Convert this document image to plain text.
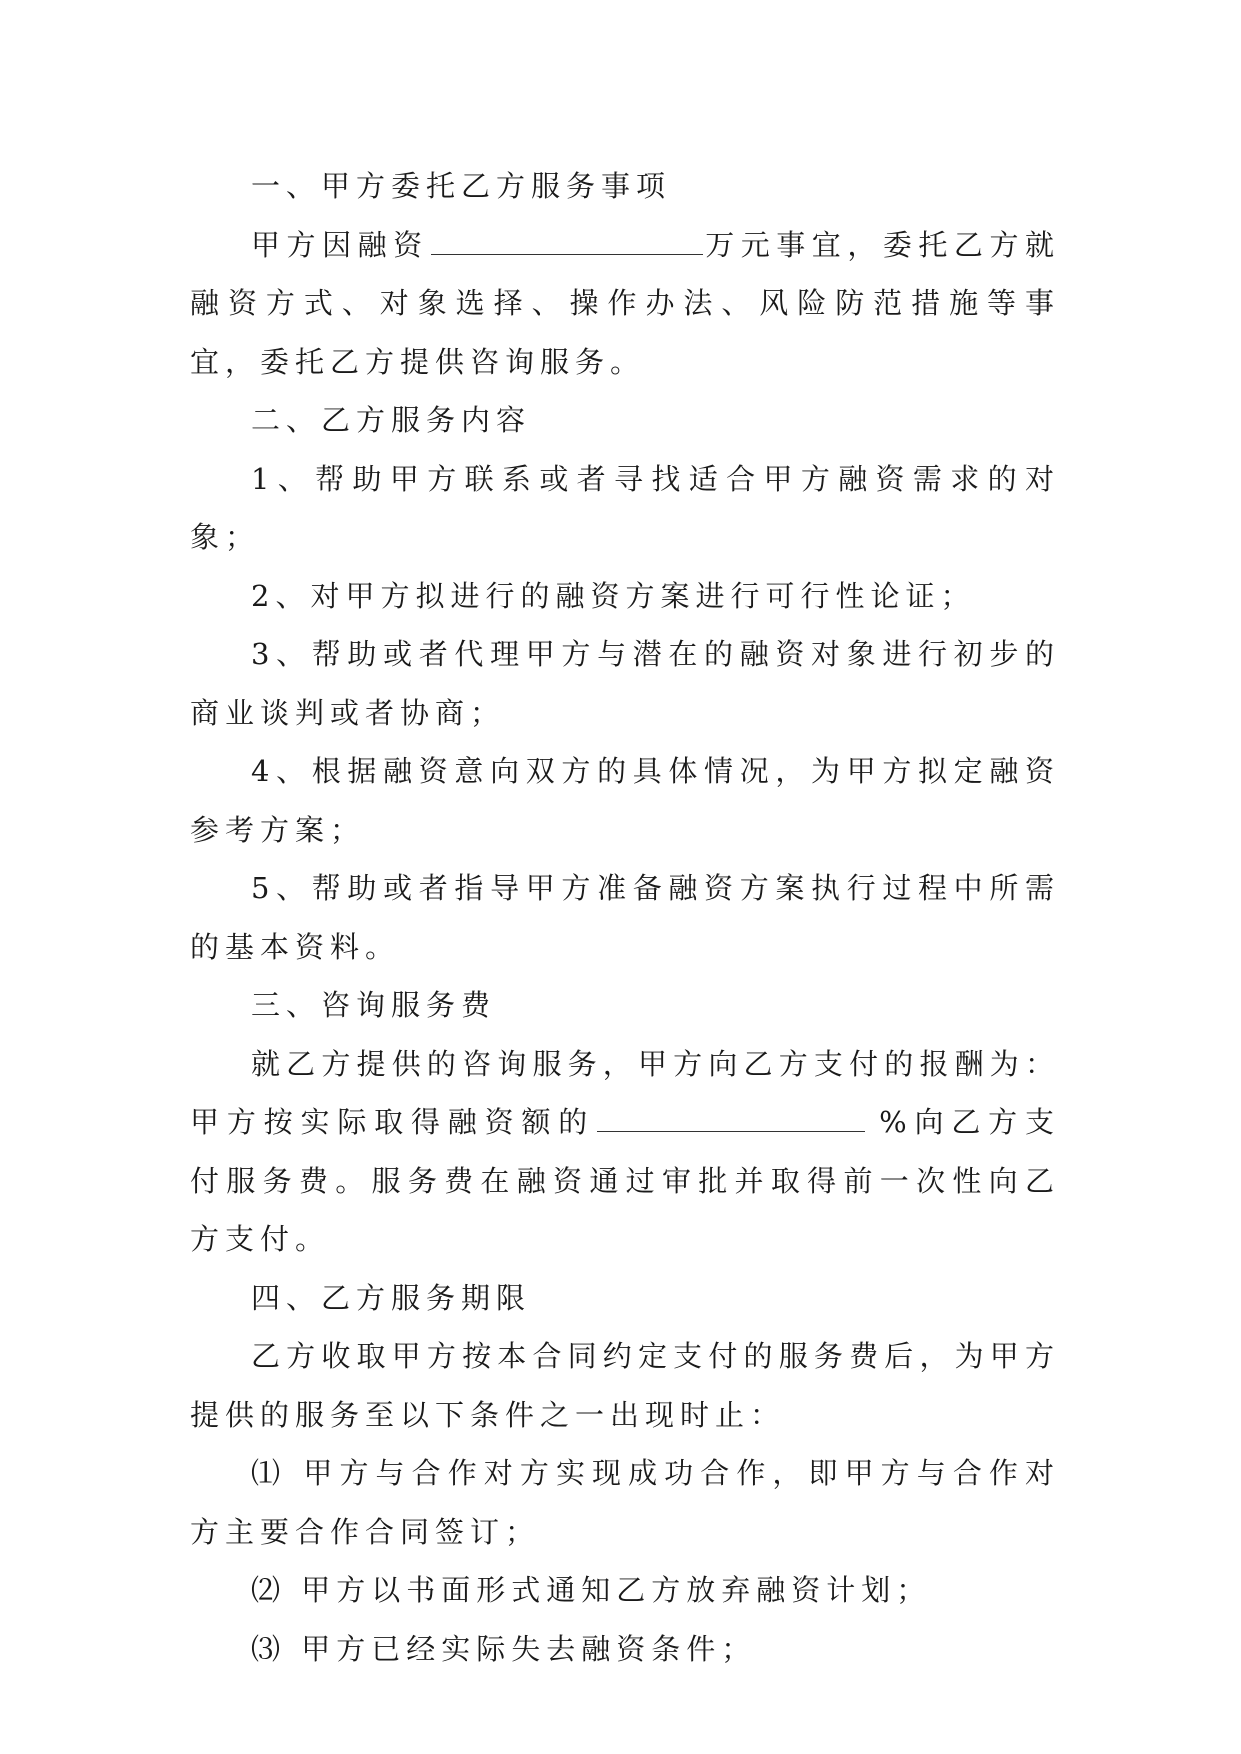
一、甲方委托乙方服务事项

甲方因融资	万元事宜，委托乙方就融资方式、对象选择、操作办法、风险防范措施等事宜，委托乙方提供咨询服务。

二、乙方服务内容

1、帮助甲方联系或者寻找适合甲方融资需求的对象；

2、对甲方拟进行的融资方案进行可行性论证；

3、帮助或者代理甲方与潜在的融资对象进行初步的商业谈判或者协商；

4、根据融资意向双方的具体情况，为甲方拟定融资参考方案；

5、帮助或者指导甲方准备融资方案执行过程中所需的基本资料。

三、咨询服务费

就乙方提供的咨询服务，甲方向乙方支付的报酬为：甲方按实际取得融资额的	%向乙方支付服务费。服务费在融资通过审批并取得前一次性向乙方支付。

四、乙方服务期限

乙方收取甲方按本合同约定支付的服务费后，为甲方提供的服务至以下条件之一出现时止：

⑴ 甲方与合作对方实现成功合作，即甲方与合作对方主要合作合同签订；

⑵ 甲方以书面形式通知乙方放弃融资计划；

⑶ 甲方已经实际失去融资条件；
